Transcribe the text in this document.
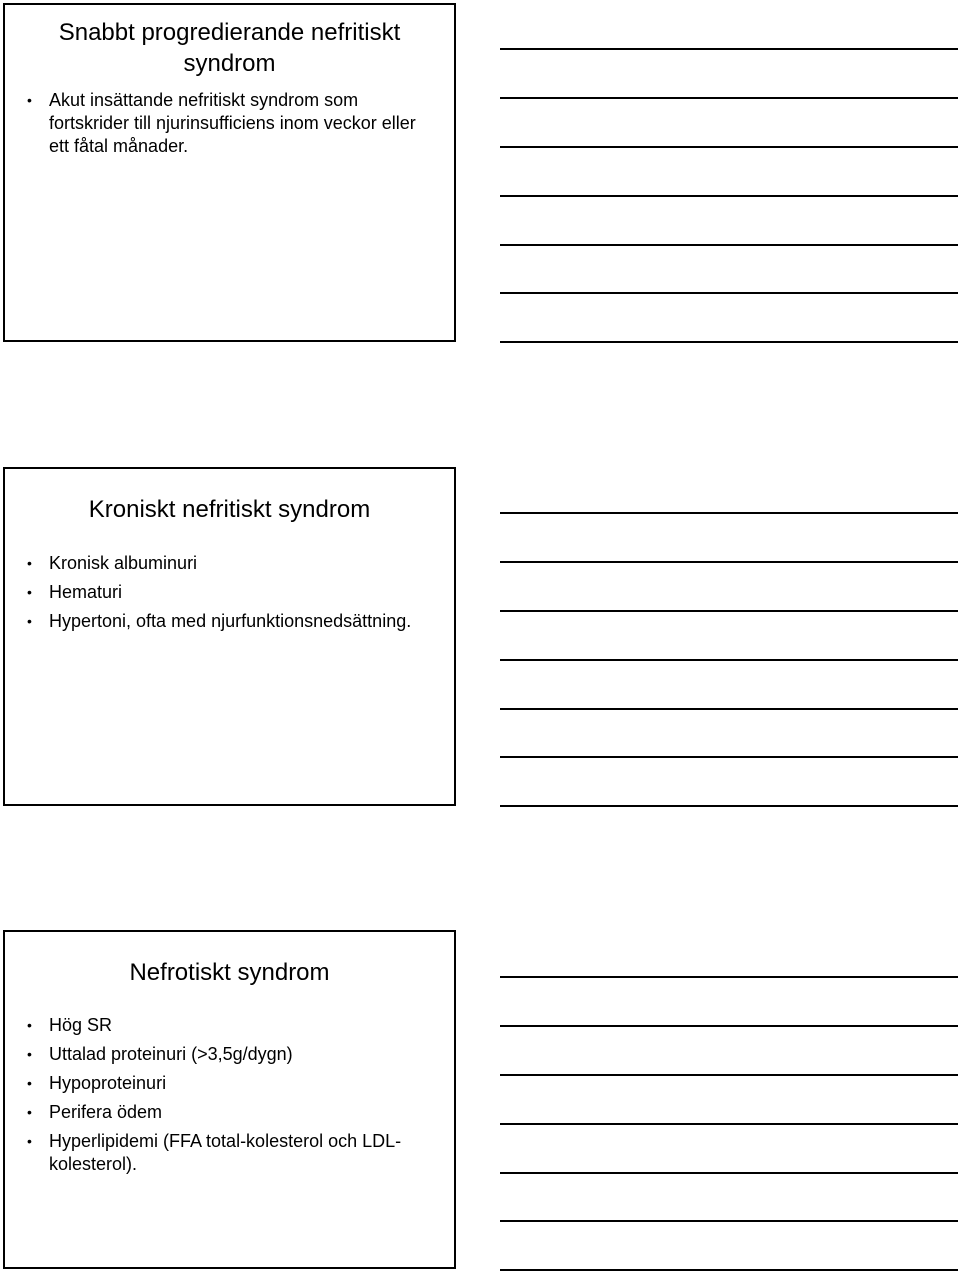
Snabbt progredierande nefritiskt
syndrom
• Akut insättande nefritiskt syndrom som fortskrider till njurinsufficiens inom veckor eller ett fåtal månader.
Kroniskt nefritiskt syndrom
• Kronisk albuminuri
• Hematuri
• Hypertoni, ofta med njurfunktionsnedsättning.
Nefrotiskt syndrom
• Hög SR
• Uttalad proteinuri (>3,5g/dygn)
• Hypoproteinuri
• Perifera ödem
• Hyperlipidemi (FFA total-kolesterol och LDL-kolesterol).
